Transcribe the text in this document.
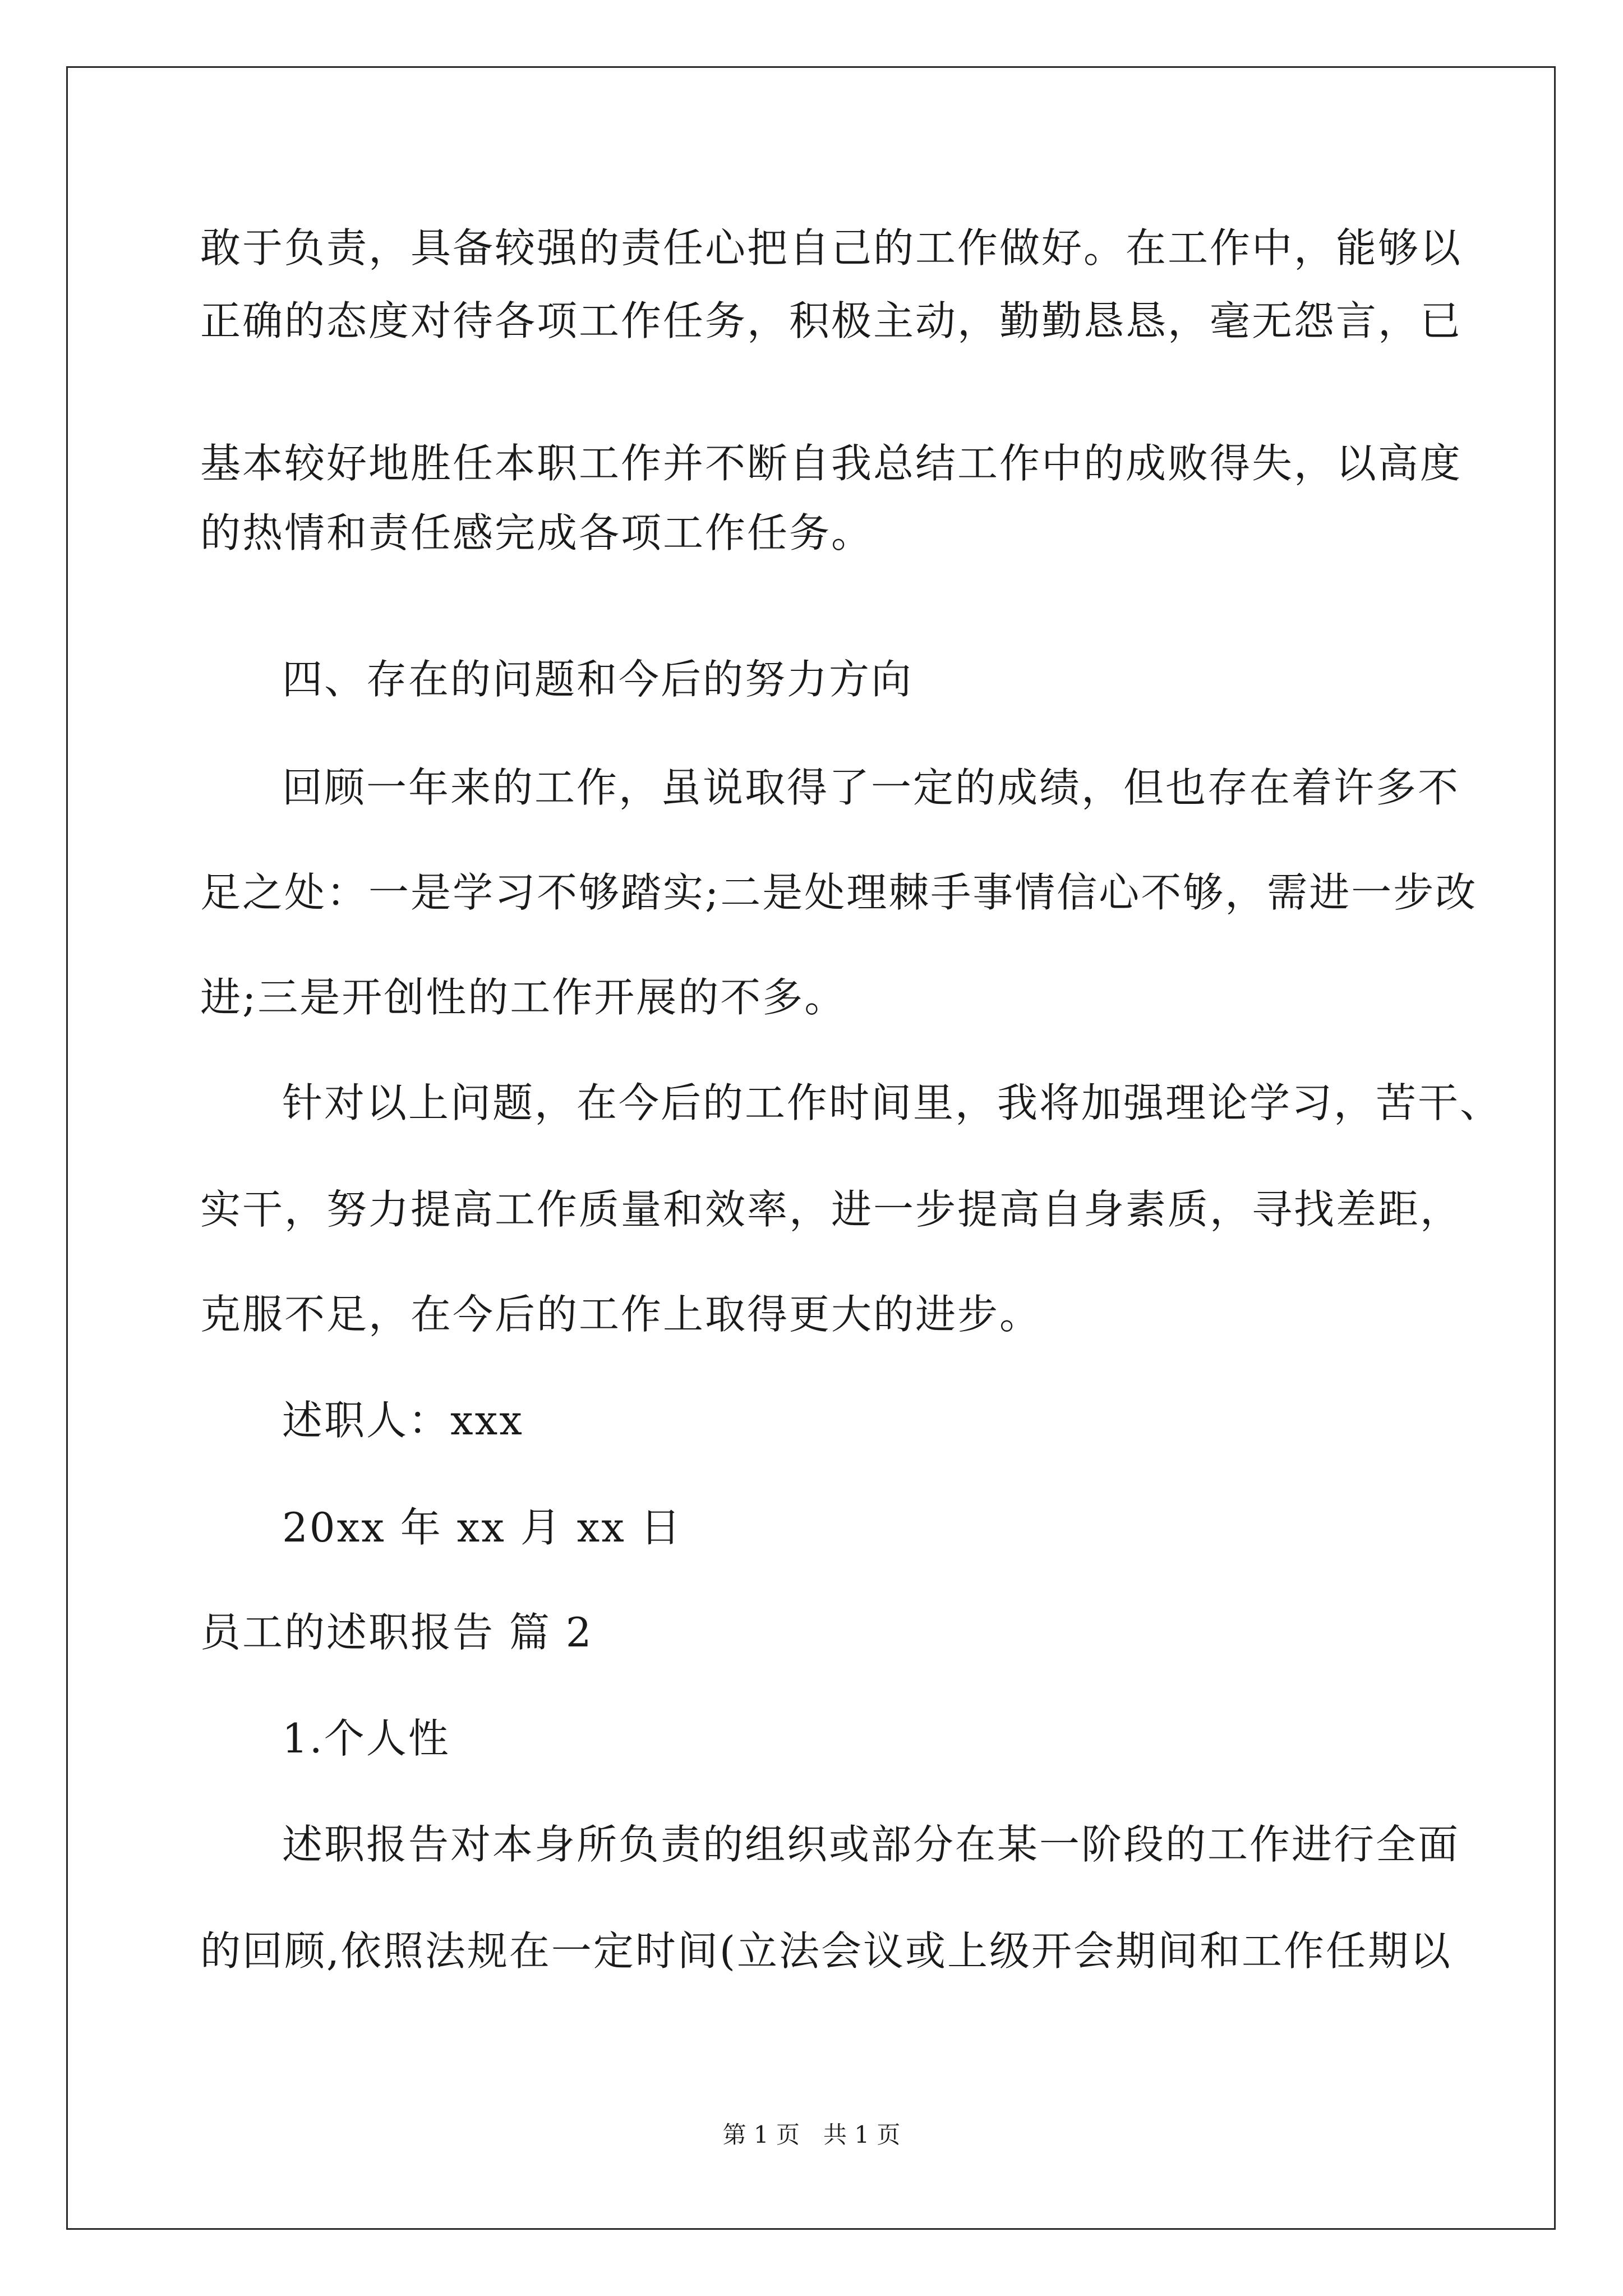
敢于负责，具备较强的责任心把自己的工作做好。在工作中，能够以
正确的态度对待各项工作任务，积极主动，勤勤恳恳，毫无怨言，已
基本较好地胜任本职工作并不断自我总结工作中的成败得失，以高度
的热情和责任感完成各项工作任务。
四、存在的问题和今后的努力方向
回顾一年来的工作，虽说取得了一定的成绩，但也存在着许多不
足之处：一是学习不够踏实;二是处理棘手事情信心不够，需进一步改
进;三是开创性的工作开展的不多。
针对以上问题，在今后的工作时间里，我将加强理论学习，苦干、
实干，努力提高工作质量和效率，进一步提高自身素质，寻找差距，
克服不足，在今后的工作上取得更大的进步。
述职人：xxx
20xx 年 xx 月 xx 日
员工的述职报告 篇 2
1.个人性
述职报告对本身所负责的组织或部分在某一阶段的工作进行全面
的回顾,依照法规在一定时间(立法会议或上级开会期间和工作任期以
第 1 页　共 1 页
